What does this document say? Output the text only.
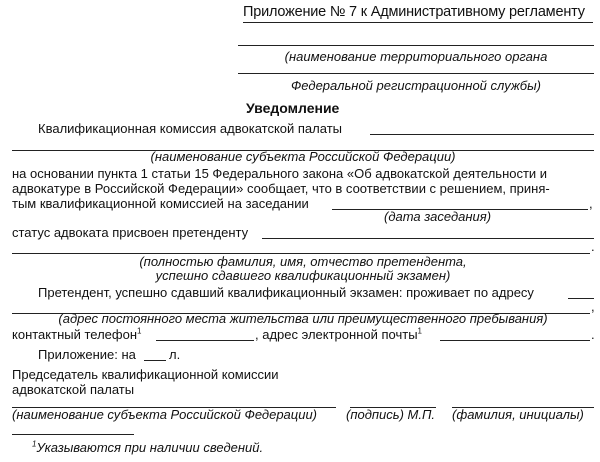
Приложение № 7 к Административному регламенту
(наименование территориального органа
Федеральной регистрационной службы)
Уведомление
Квалификационная комиссия адвокатской палаты
(наименование субъекта Российской Федерации)
на основании пункта 1 статьи 15 Федерального закона «Об адвокатской деятельности и
адвокатуре в Российской Федерации» сообщает, что в соответствии с решением, приня-
тым квалификационной комиссией на заседании	,
(дата заседания)
статус адвоката присвоен претенденту
.
(полностью фамилия, имя, отчество претендента,
успешно сдавшего квалификационный экзамен)
Претендент, успешно сдавший квалификационный экзамен: проживает по адресу
,
(адрес постоянного места жительства или преимущественного пребывания)
контактный телефон$^1$	, адрес электронной почты$^1$	.
Приложение: на	л.
Председатель квалификационной комиссии
адвокатской палаты
(наименование субъекта Российской Федерации) (подпись) М.П. (фамилия, инициалы)
$^1$Указываются при наличии сведений.
